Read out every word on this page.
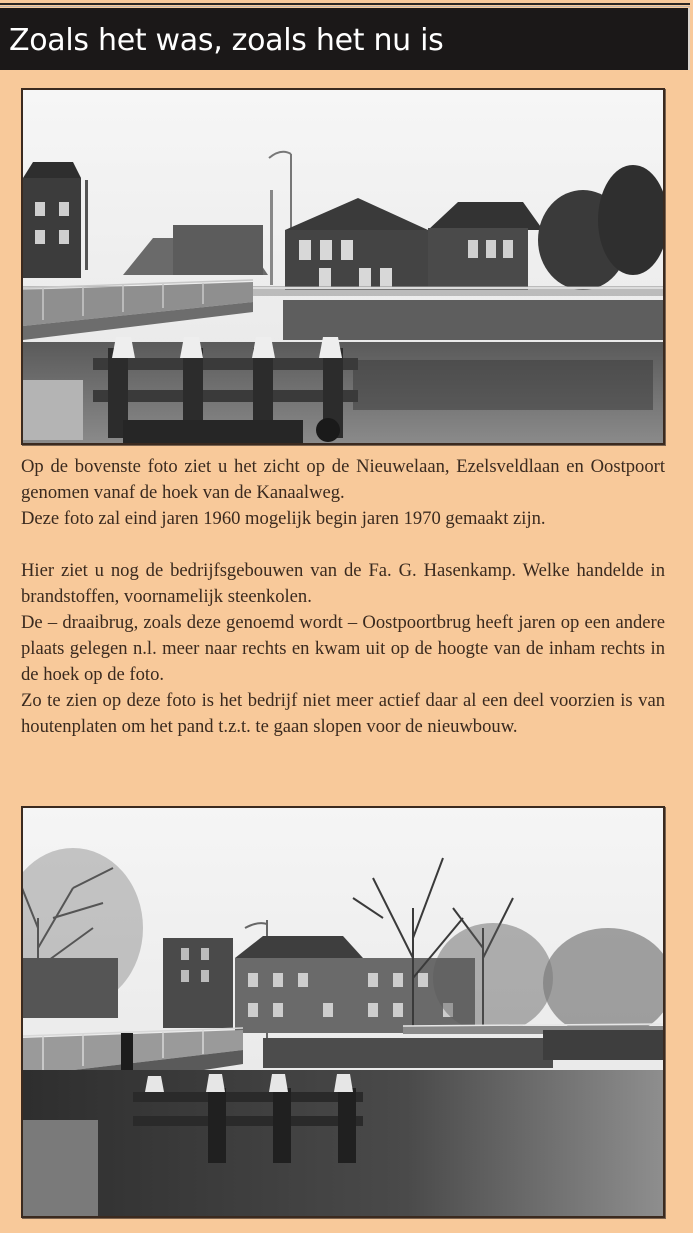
Zoals het was, zoals het nu is

Op de bovenste foto ziet u het zicht op de Nieuwelaan, Ezelsveldlaan en Oostpoort genomen vanaf de hoek van de Kanaalweg.

Deze foto zal eind jaren 1960 mogelijk begin jaren 1970 gemaakt zijn.

Hier ziet u nog de bedrijfsgebouwen van de Fa. G. Hasenkamp. Welke handelde in brandstoffen, voornamelijk steenkolen.

De – draaibrug, zoals deze genoemd wordt – Oostpoortbrug heeft jaren op een andere plaats gelegen n.l. meer naar rechts en kwam uit op de hoogte van de inham rechts in de hoek op de foto.

Zo te zien op deze foto is het bedrijf niet meer actief daar al een deel voorzien is van houtenplaten om het pand t.z.t. te gaan slopen voor de nieuwbouw.
